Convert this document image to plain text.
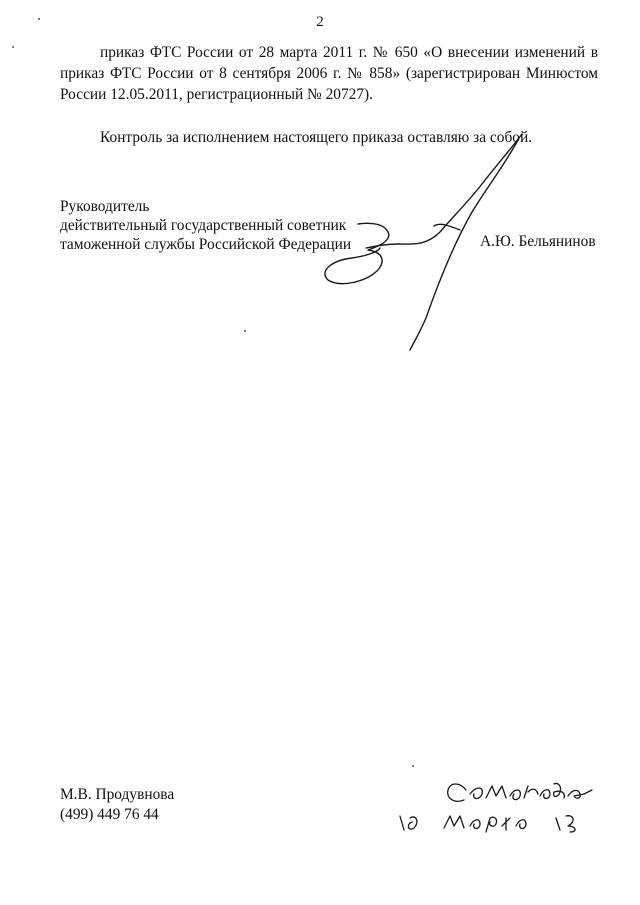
2

приказ ФТС России от 28 марта 2011 г. № 650 «О внесении изменений в приказ ФТС России от 8 сентября 2006 г. № 858» (зарегистрирован Минюстом России 12.05.2011, регистрационный № 20727).

Контроль за исполнением настоящего приказа оставляю за собой.

Руководитель
действительный государственный советник
таможенной службы Российской Федерации	А.Ю. Бельянинов
М.В. Продувнова
(499) 449 76 44
